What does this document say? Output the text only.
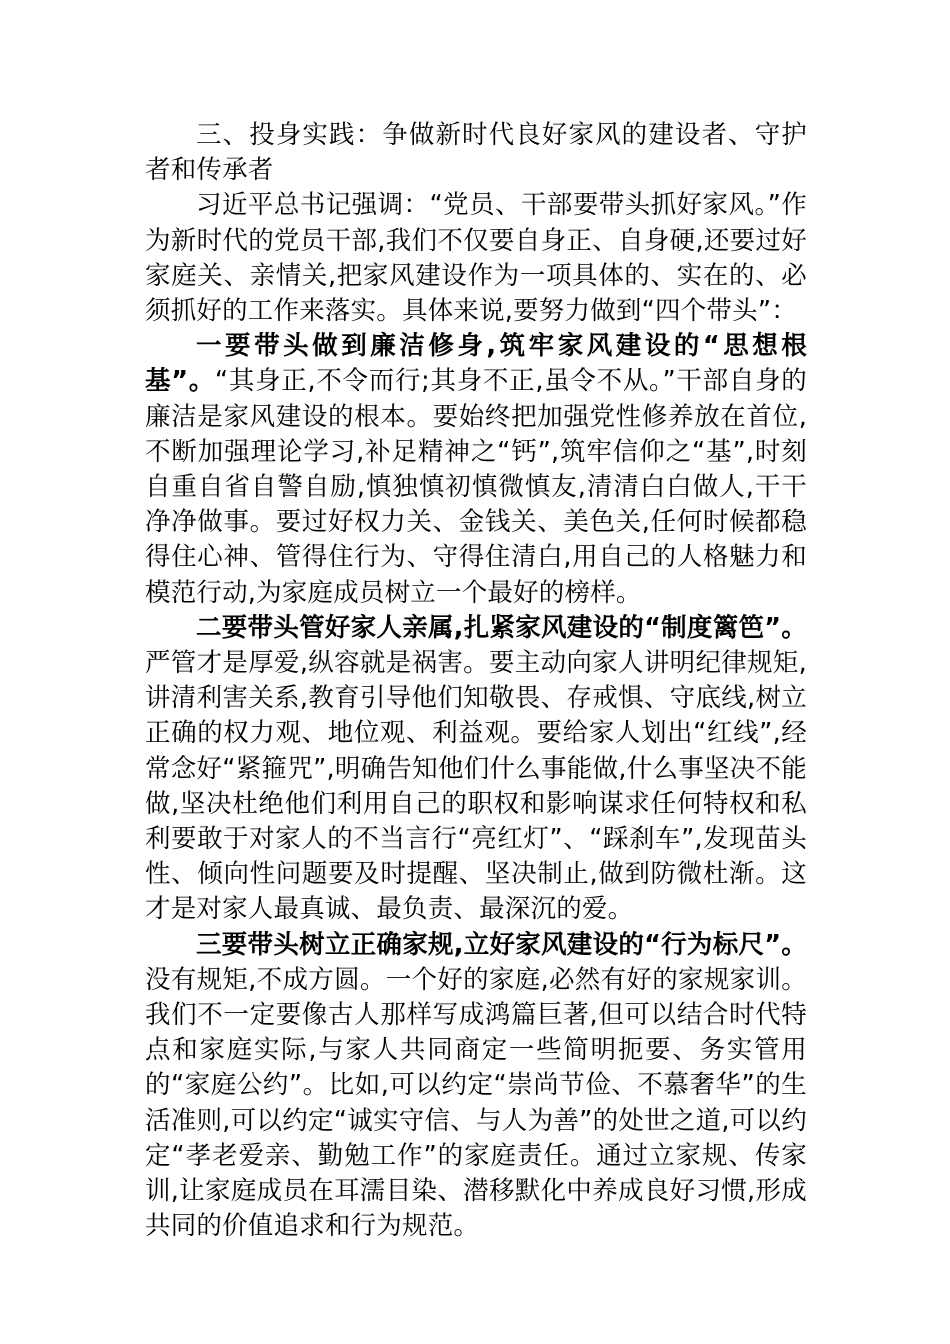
三、投身实践：争做新时代良好家风的建设者、守护者和传承者

习近平总书记强调：“党员、干部要带头抓好家风。”作为新时代的党员干部,我们不仅要自身正、自身硬,还要过好家庭关、亲情关,把家风建设作为一项具体的、实在的、必须抓好的工作来落实。具体来说,要努力做到“四个带头”：

一要带头做到廉洁修身,筑牢家风建设的“思想根基”。“其身正,不令而行;其身不正,虽令不从。”干部自身的廉洁是家风建设的根本。要始终把加强党性修养放在首位,不断加强理论学习,补足精神之“钙”,筑牢信仰之“基”,时刻自重自省自警自励,慎独慎初慎微慎友,清清白白做人,干干净净做事。要过好权力关、金钱关、美色关,任何时候都稳得住心神、管得住行为、守得住清白,用自己的人格魅力和模范行动,为家庭成员树立一个最好的榜样。

二要带头管好家人亲属,扎紧家风建设的“制度篱笆”。严管才是厚爱,纵容就是祸害。要主动向家人讲明纪律规矩,讲清利害关系,教育引导他们知敬畏、存戒惧、守底线,树立正确的权力观、地位观、利益观。要给家人划出“红线”,经常念好“紧箍咒”,明确告知他们什么事能做,什么事坚决不能做,坚决杜绝他们利用自己的职权和影响谋求任何特权和私利要敢于对家人的不当言行“亮红灯”、“踩刹车”,发现苗头性、倾向性问题要及时提醒、坚决制止,做到防微杜渐。这才是对家人最真诚、最负责、最深沉的爱。

三要带头树立正确家规,立好家风建设的“行为标尺”。没有规矩,不成方圆。一个好的家庭,必然有好的家规家训。我们不一定要像古人那样写成鸿篇巨著,但可以结合时代特点和家庭实际,与家人共同商定一些简明扼要、务实管用的“家庭公约”。比如,可以约定“崇尚节俭、不慕奢华”的生活准则,可以约定“诚实守信、与人为善”的处世之道,可以约定“孝老爱亲、勤勉工作”的家庭责任。通过立家规、传家训,让家庭成员在耳濡目染、潜移默化中养成良好习惯,形成共同的价值追求和行为规范。
